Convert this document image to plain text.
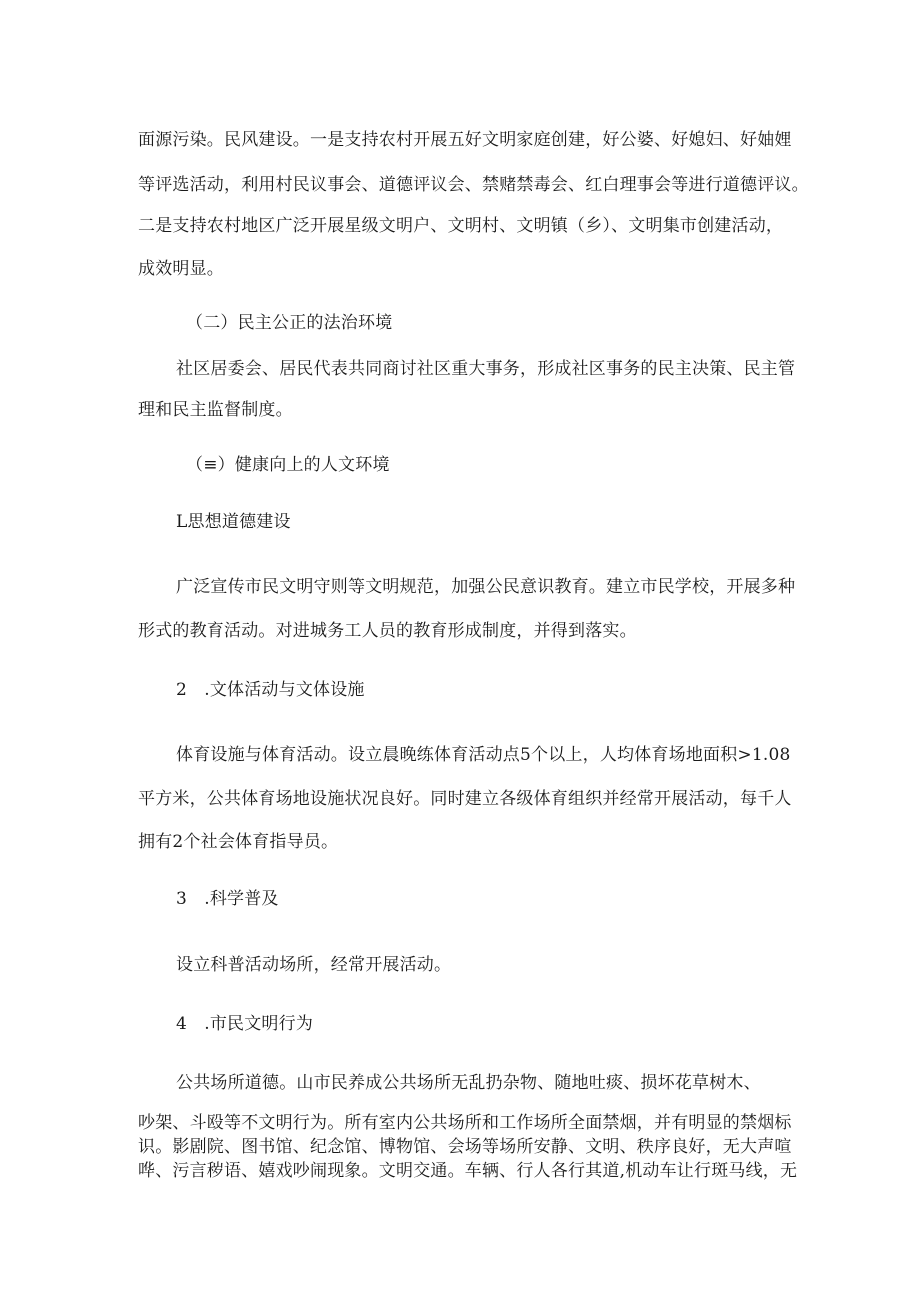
面源污染。民风建设。一是支持农村开展五好文明家庭创建，好公婆、好媳妇、好妯娌
等评选活动，利用村民议事会、道德评议会、禁赌禁毒会、红白理事会等进行道德评议。
二是支持农村地区广泛开展星级文明户、文明村、文明镇（乡）、文明集市创建活动，
成效明显。
（二）民主公正的法治环境
社区居委会、居民代表共同商讨社区重大事务，形成社区事务的民主决策、民主管
理和民主监督制度。
（≡）健康向上的人文环境
L思想道德建设
广泛宣传市民文明守则等文明规范，加强公民意识教育。建立市民学校，开展多种
形式的教育活动。对进城务工人员的教育形成制度，并得到落实。
2　.文体活动与文体设施
体育设施与体育活动。设立晨晚练体育活动点5个以上，人均体育场地面积>1.08
平方米，公共体育场地设施状况良好。同时建立各级体育组织并经常开展活动，每千人
拥有2个社会体育指导员。
3　.科学普及
设立科普活动场所，经常开展活动。
4　.市民文明行为
公共场所道德。山市民养成公共场所无乱扔杂物、随地吐痰、损坏花草树木、
吵架、斗殴等不文明行为。所有室内公共场所和工作场所全面禁烟，并有明显的禁烟标
识。影剧院、图书馆、纪念馆、博物馆、会场等场所安静、文明、秩序良好，无大声喧
哗、污言秽语、嬉戏吵闹现象。文明交通。车辆、行人各行其道,机动车让行斑马线，无
